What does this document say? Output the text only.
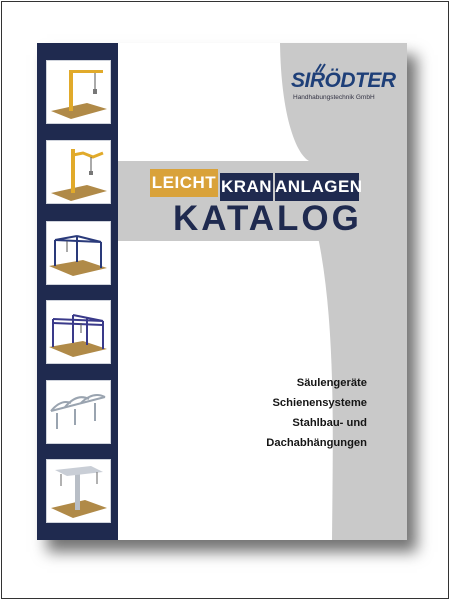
SIRÖDTER
Handhabungstechnik GmbH
LEICHT KRAN ANLAGEN
KATALOG
Säulengeräte
Schienensysteme
Stahlbau- und
Dachabhängungen
